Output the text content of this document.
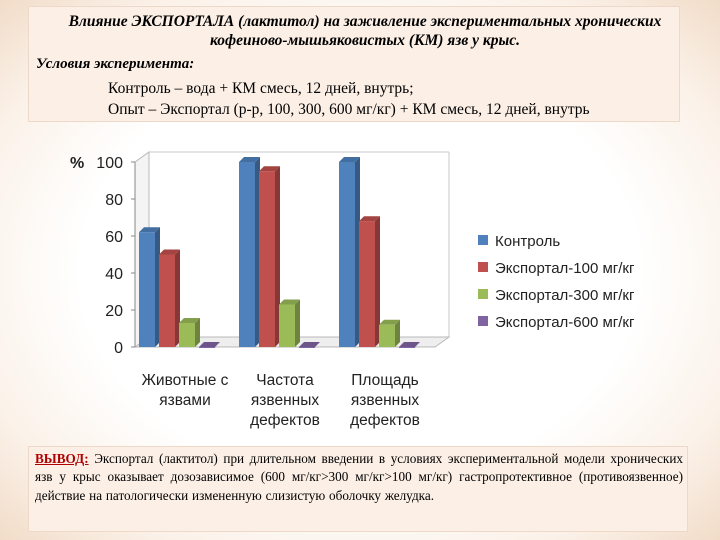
Влияние ЭКСПОРТАЛА (лактитол) на заживление экспериментальных хронических кофеиново-мышьяковистых (КМ) язв у крыс.
Условия эксперимента:
Контроль – вода + КМ смесь, 12 дней, внутрь;
Опыт – Экспортал (р-р, 100, 300, 600 мг/кг) + КМ смесь, 12 дней, внутрь
0
20
40
60
80
100
%
Животные с
язвами
Частота
язвенных
дефектов
Площадь
язвенных
дефектов
Контроль
Экспортал-100 мг/кг
Экспортал-300 мг/кг
Экспортал-600 мг/кг
ВЫВОД: Экспортал (лактитол) при длительном введении в условиях экспериментальной модели хронических язв у крыс оказывает дозозависимое (600 мг/кг>300 мг/кг>100 мг/кг) гастропротективное (противоязвенное) действие на патологически измененную слизистую оболочку желудка.
